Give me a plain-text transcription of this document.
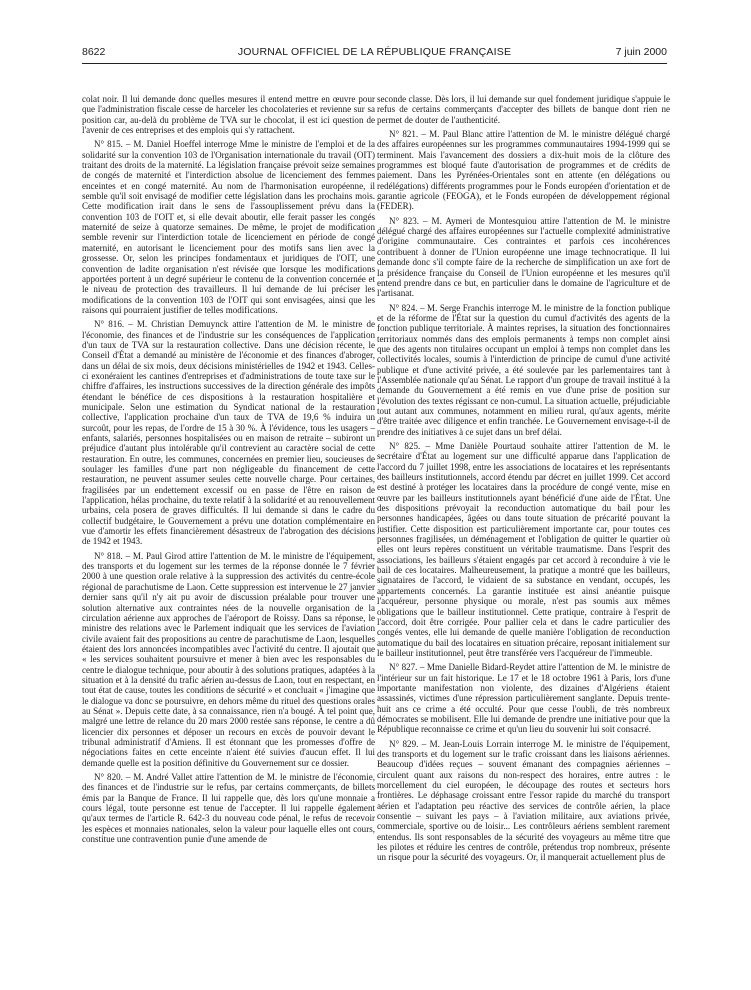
8622	JOURNAL OFFICIEL DE LA RÉPUBLIQUE FRANÇAISE	7 juin 2000

colat noir. Il lui demande donc quelles mesures il entend mettre en œuvre pour que l'administration fiscale cesse de harceler les chocolateries et revienne sur sa position car, au-delà du problème de TVA sur le chocolat, il est ici question de l'avenir de ces entreprises et des emplois qui s'y rattachent.

N° 815. – M. Daniel Hoeffel interroge Mme le ministre de l'emploi et de la solidarité sur la convention 103 de l'Organisation internationale du travail (OIT) traitant des droits de la maternité. La législation française prévoit seize semaines de congés de maternité et l'interdiction absolue de licenciement des femmes enceintes et en congé maternité. Au nom de l'harmonisation européenne, il semble qu'il soit envisagé de modifier cette législation dans les prochains mois. Cette modification irait dans le sens de l'assouplissement prévu dans la convention 103 de l'OIT et, si elle devait aboutir, elle ferait passer les congés maternité de seize à quatorze semaines. De même, le projet de modification semble revenir sur l'interdiction totale de licenciement en période de congé maternité, en autorisant le licenciement pour des motifs sans lien avec la grossesse. Or, selon les principes fondamentaux et juridiques de l'OIT, une convention de ladite organisation n'est révisée que lorsque les modifications apportées portent à un degré supérieur le contenu de la convention concernée et le niveau de protection des travailleurs. Il lui demande de lui préciser les modifications de la convention 103 de l'OIT qui sont envisagées, ainsi que les raisons qui pourraient justifier de telles modifications.

N° 816. – M. Christian Demuynck attire l'attention de M. le ministre de l'économie, des finances et de l'industrie sur les conséquences de l'application d'un taux de TVA sur la restauration collective. Dans une décision récente, le Conseil d'État a demandé au ministère de l'économie et des finances d'abroger, dans un délai de six mois, deux décisions ministérielles de 1942 et 1943. Celles-ci exonéraient les cantines d'entreprises et d'administrations de toute taxe sur le chiffre d'affaires, les instructions successives de la direction générale des impôts étendant le bénéfice de ces dispositions à la restauration hospitalière et municipale. Selon une estimation du Syndicat national de la restauration collective, l'application prochaine d'un taux de TVA de 19,6 % induira un surcoût, pour les repas, de l'ordre de 15 à 30 %. À l'évidence, tous les usagers – enfants, salariés, personnes hospitalisées ou en maison de retraite – subiront un préjudice d'autant plus intolérable qu'il contrevient au caractère social de cette restauration. En outre, les communes, concernées en premier lieu, soucieuses de soulager les familles d'une part non négligeable du financement de cette restauration, ne peuvent assumer seules cette nouvelle charge. Pour certaines, fragilisées par un endettement excessif ou en passe de l'être en raison de l'application, hélas prochaine, du texte relatif à la solidarité et au renouvellement urbains, cela posera de graves difficultés. Il lui demande si dans le cadre du collectif budgétaire, le Gouvernement a prévu une dotation complémentaire en vue d'amortir les effets financièrement désastreux de l'abrogation des décisions de 1942 et 1943.

N° 818. – M. Paul Girod attire l'attention de M. le ministre de l'équipement, des transports et du logement sur les termes de la réponse donnée le 7 février 2000 à une question orale relative à la suppression des activités du centre-école régional de parachutisme de Laon. Cette suppression est intervenue le 27 janvier dernier sans qu'il n'y ait pu avoir de discussion préalable pour trouver une solution alternative aux contraintes nées de la nouvelle organisation de la circulation aérienne aux approches de l'aéroport de Roissy. Dans sa réponse, le ministre des relations avec le Parlement indiquait que les services de l'aviation civile avaient fait des propositions au centre de parachutisme de Laon, lesquelles étaient des lors annoncées incompatibles avec l'activité du centre. Il ajoutait que « les services souhaitent poursuivre et mener à bien avec les responsables du centre le dialogue technique, pour aboutir à des solutions pratiques, adaptées à la situation et à la densité du trafic aérien au-dessus de Laon, tout en respectant, en tout état de cause, toutes les conditions de sécurité » et concluait « j'imagine que le dialogue va donc se poursuivre, en dehors même du rituel des questions orales au Sénat ». Depuis cette date, à sa connaissance, rien n'a bougé. À tel point que, malgré une lettre de relance du 20 mars 2000 restée sans réponse, le centre a dû licencier dix personnes et déposer un recours en excès de pouvoir devant le tribunal administratif d'Amiens. Il est étonnant que les promesses d'offre de négociations faites en cette enceinte n'aient été suivies d'aucun effet. Il lui demande quelle est la position définitive du Gouvernement sur ce dossier.

N° 820. – M. André Vallet attire l'attention de M. le ministre de l'économie, des finances et de l'industrie sur le refus, par certains commerçants, de billets émis par la Banque de France. Il lui rappelle que, dès lors qu'une monnaie a cours légal, toute personne est tenue de l'accepter. Il lui rappelle également qu'aux termes de l'article R. 642-3 du nouveau code pénal, le refus de recevoir les espèces et monnaies nationales, selon la valeur pour laquelle elles ont cours, constitue une contravention punie d'une amende de

seconde classe. Dès lors, il lui demande sur quel fondement juridique s'appuie le refus de certains commerçants d'accepter des billets de banque dont rien ne permet de douter de l'authenticité.

N° 821. – M. Paul Blanc attire l'attention de M. le ministre délégué chargé des affaires européennes sur les programmes communautaires 1994-1999 qui se terminent. Mais l'avancement des dossiers a dix-huit mois de la clôture des programmes est bloqué faute d'autorisation de programmes et de crédits de paiement. Dans les Pyrénées-Orientales sont en attente (en délégations ou redélégations) différents programmes pour le Fonds européen d'orientation et de garantie agricole (FEOGA), et le Fonds européen de développement régional (FEDER).

N° 823. – M. Aymeri de Montesquiou attire l'attention de M. le ministre délégué chargé des affaires européennes sur l'actuelle complexité administrative d'origine communautaire. Ces contraintes et parfois ces incohérences contribuent à donner de l'Union européenne une image technocratique. Il lui demande donc s'il compte faire de la recherche de simplification un axe fort de la présidence française du Conseil de l'Union européenne et les mesures qu'il entend prendre dans ce but, en particulier dans le domaine de l'agriculture et de l'artisanat.

N° 824. – M. Serge Franchis interroge M. le ministre de la fonction publique et de la réforme de l'État sur la question du cumul d'activités des agents de la fonction publique territoriale. À maintes reprises, la situation des fonctionnaires territoriaux nommés dans des emplois permanents à temps non complet ainsi que des agents non titulaires occupant un emploi à temps non complet dans les collectivités locales, soumis à l'interdiction de principe de cumul d'une activité publique et d'une activité privée, a été soulevée par les parlementaires tant à l'Assemblée nationale qu'au Sénat. Le rapport d'un groupe de travail institué à la demande du Gouvernement a été remis en vue d'une prise de position sur l'évolution des textes régissant ce non-cumul. La situation actuelle, préjudiciable tout autant aux communes, notamment en milieu rural, qu'aux agents, mérite d'être traitée avec diligence et enfin tranchée. Le Gouvernement envisage-t-il de prendre des initiatives à ce sujet dans un bref délai.

N° 825. – Mme Danièle Pourtaud souhaite attirer l'attention de M. le secrétaire d'État au logement sur une difficulté apparue dans l'application de l'accord du 7 juillet 1998, entre les associations de locataires et les représentants des bailleurs institutionnels, accord étendu par décret en juillet 1999. Cet accord est destiné à protéger les locataires dans la procédure de congé vente, mise en œuvre par les bailleurs institutionnels ayant bénéficié d'une aide de l'État. Une des dispositions prévoyait la reconduction automatique du bail pour les personnes handicapées, âgées ou dans toute situation de précarité pouvant la justifier. Cette disposition est particulièrement importante car, pour toutes ces personnes fragilisées, un déménagement et l'obligation de quitter le quartier où elles ont leurs repères constituent un véritable traumatisme. Dans l'esprit des associations, les bailleurs s'étaient engagés par cet accord à reconduire à vie le bail de ces locataires. Malheureusement, la pratique a montré que les bailleurs, signataires de l'accord, le vidaient de sa substance en vendant, occupés, les appartements concernés. La garantie instituée est ainsi anéantie puisque l'acquéreur, personne physique ou morale, n'est pas soumis aux mêmes obligations que le bailleur institutionnel. Cette pratique, contraire à l'esprit de l'accord, doit être corrigée. Pour pallier cela et dans le cadre particulier des congés ventes, elle lui demande de quelle manière l'obligation de reconduction automatique du bail des locataires en situation précaire, reposant initialement sur le bailleur institutionnel, peut être transférée vers l'acquéreur de l'immeuble.

N° 827. – Mme Danielle Bidard-Reydet attire l'attention de M. le ministre de l'intérieur sur un fait historique. Le 17 et le 18 octobre 1961 à Paris, lors d'une importante manifestation non violente, des dizaines d'Algériens étaient assassinés, victimes d'une répression particulièrement sanglante. Depuis trente-huit ans ce crime a été occulté. Pour que cesse l'oubli, de très nombreux démocrates se mobilisent. Elle lui demande de prendre une initiative pour que la République reconnaisse ce crime et qu'un lieu du souvenir lui soit consacré.

N° 829. – M. Jean-Louis Lorrain interroge M. le ministre de l'équipement, des transports et du logement sur le trafic croissant dans les liaisons aériennes. Beaucoup d'idées reçues – souvent émanant des compagnies aériennes – circulent quant aux raisons du non-respect des horaires, entre autres : le morcellement du ciel européen, le découpage des routes et secteurs hors frontières. Le déphasage croissant entre l'essor rapide du marché du transport aérien et l'adaptation peu réactive des services de contrôle aérien, la place consentie – suivant les pays – à l'aviation militaire, aux aviations privée, commerciale, sportive ou de loisir... Les contrôleurs aériens semblent rarement entendus. Ils sont responsables de la sécurité des voyageurs au même titre que les pilotes et réduire les centres de contrôle, prétendus trop nombreux, présente un risque pour la sécurité des voyageurs. Or, il manquerait actuellement plus de
